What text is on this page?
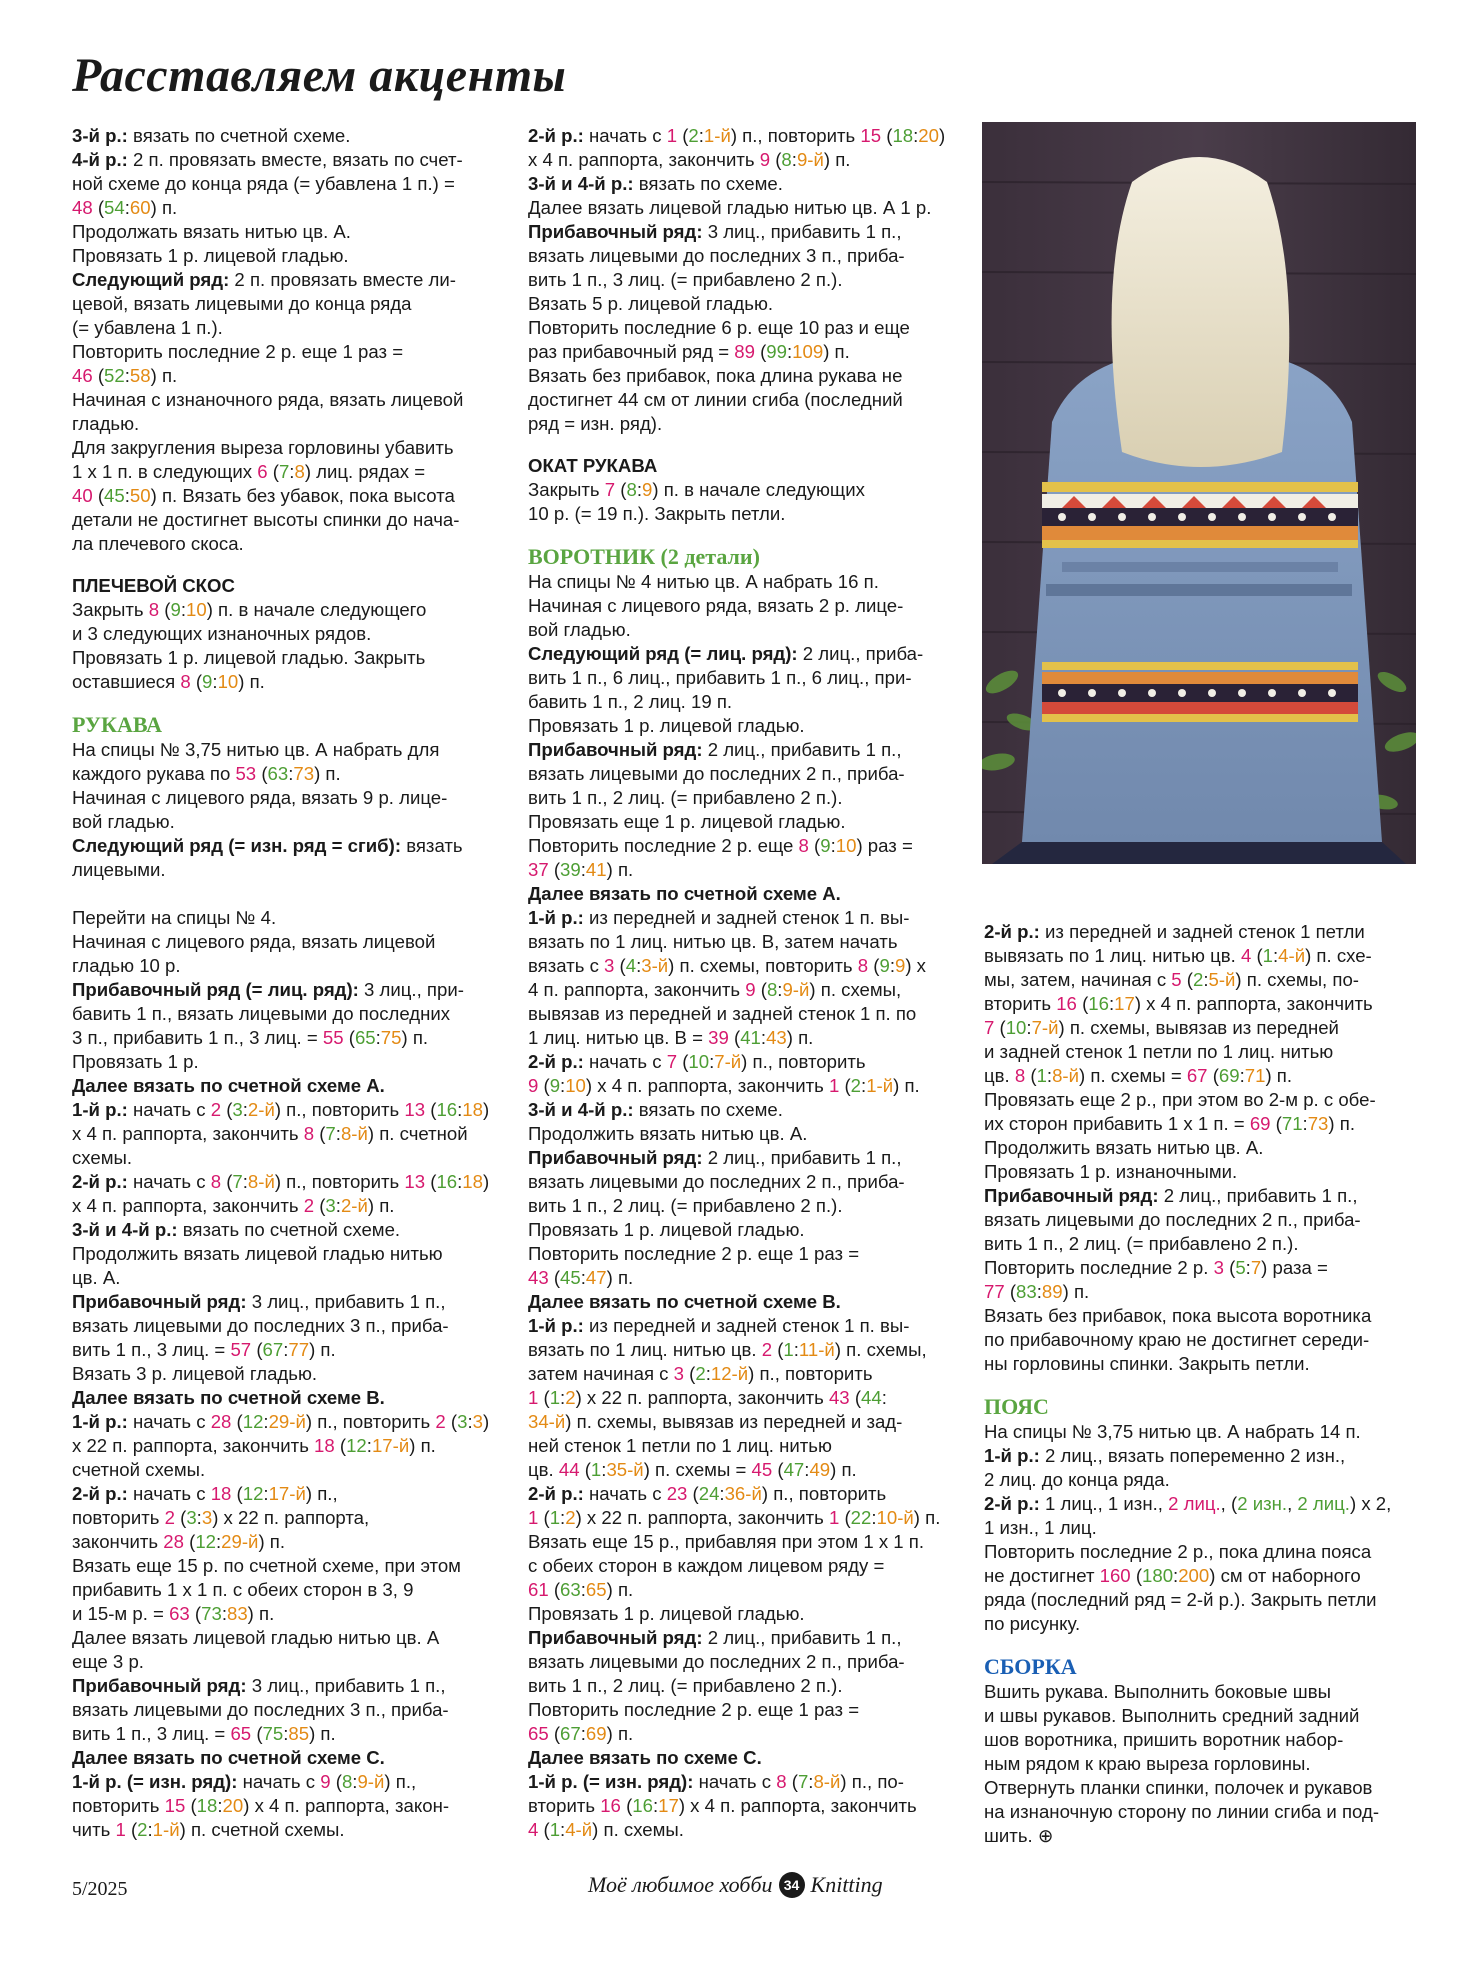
Расставляем акценты

3-й р.: вязать по счетной схеме.

4-й р.: 2 п. провязать вместе, вязать по счет-

ной схеме до конца ряда (= убавлена 1 п.) =

48 (54:60) п.

Продолжать вязать нитью цв. А.

Провязать 1 р. лицевой гладью.

Следующий ряд: 2 п. провязать вместе ли-

цевой, вязать лицевыми до конца ряда

(= убавлена 1 п.).

Повторить последние 2 р. еще 1 раз =

46 (52:58) п.

Начиная с изнаночного ряда, вязать лицевой

гладью.

Для закругления выреза горловины убавить

1 х 1 п. в следующих 6 (7:8) лиц. рядах =

40 (45:50) п. Вязать без убавок, пока высота

детали не достигнет высоты спинки до нача-

ла плечевого скоса.

ПЛЕЧЕВОЙ СКОС

Закрыть 8 (9:10) п. в начале следующего

и 3 следующих изнаночных рядов.

Провязать 1 р. лицевой гладью. Закрыть

оставшиеся 8 (9:10) п.

РУКАВА

На спицы № 3,75 нитью цв. А набрать для

каждого рукава по 53 (63:73) п.

Начиная с лицевого ряда, вязать 9 р. лице-

вой гладью.

Следующий ряд (= изн. ряд = сгиб): вязать

лицевыми.

Перейти на спицы № 4.

Начиная с лицевого ряда, вязать лицевой

гладью 10 р.

Прибавочный ряд (= лиц. ряд): 3 лиц., при-

бавить 1 п., вязать лицевыми до последних

3 п., прибавить 1 п., 3 лиц. = 55 (65:75) п.

Провязать 1 р.

Далее вязать по счетной схеме А.

1-й р.: начать с 2 (3:2-й) п., повторить 13 (16:18)

х 4 п. раппорта, закончить 8 (7:8-й) п. счетной

схемы.

2-й р.: начать с 8 (7:8-й) п., повторить 13 (16:18)

х 4 п. раппорта, закончить 2 (3:2-й) п.

3-й и 4-й р.: вязать по счетной схеме.

Продолжить вязать лицевой гладью нитью

цв. А.

Прибавочный ряд: 3 лиц., прибавить 1 п.,

вязать лицевыми до последних 3 п., приба-

вить 1 п., 3 лиц. = 57 (67:77) п.

Вязать 3 р. лицевой гладью.

Далее вязать по счетной схеме В.

1-й р.: начать с 28 (12:29-й) п., повторить 2 (3:3)

х 22 п. раппорта, закончить 18 (12:17-й) п.

счетной схемы.

2-й р.: начать с 18 (12:17-й) п.,

повторить 2 (3:3) х 22 п. раппорта,

закончить 28 (12:29-й) п.

Вязать еще 15 р. по счетной схеме, при этом

прибавить 1 х 1 п. с обеих сторон в 3, 9

и 15-м р. = 63 (73:83) п.

Далее вязать лицевой гладью нитью цв. А

еще 3 р.

Прибавочный ряд: 3 лиц., прибавить 1 п.,

вязать лицевыми до последних 3 п., приба-

вить 1 п., 3 лиц. = 65 (75:85) п.

Далее вязать по счетной схеме С.

1-й р. (= изн. ряд): начать с 9 (8:9-й) п.,

повторить 15 (18:20) х 4 п. раппорта, закон-

чить 1 (2:1-й) п. счетной схемы.

2-й р.: начать с 1 (2:1-й) п., повторить 15 (18:20)

х 4 п. раппорта, закончить 9 (8:9-й) п.

3-й и 4-й р.: вязать по схеме.

Далее вязать лицевой гладью нитью цв. А 1 р.

Прибавочный ряд: 3 лиц., прибавить 1 п.,

вязать лицевыми до последних 3 п., приба-

вить 1 п., 3 лиц. (= прибавлено 2 п.).

Вязать 5 р. лицевой гладью.

Повторить последние 6 р. еще 10 раз и еще

раз прибавочный ряд = 89 (99:109) п.

Вязать без прибавок, пока длина рукава не

достигнет 44 см от линии сгиба (последний

ряд = изн. ряд).

ОКАТ РУКАВА

Закрыть 7 (8:9) п. в начале следующих

10 р. (= 19 п.). Закрыть петли.

ВОРОТНИК (2 детали)

На спицы № 4 нитью цв. А набрать 16 п.

Начиная с лицевого ряда, вязать 2 р. лице-

вой гладью.

Следующий ряд (= лиц. ряд): 2 лиц., приба-

вить 1 п., 6 лиц., прибавить 1 п., 6 лиц., при-

бавить 1 п., 2 лиц. 19 п.

Провязать 1 р. лицевой гладью.

Прибавочный ряд: 2 лиц., прибавить 1 п.,

вязать лицевыми до последних 2 п., приба-

вить 1 п., 2 лиц. (= прибавлено 2 п.).

Провязать еще 1 р. лицевой гладью.

Повторить последние 2 р. еще 8 (9:10) раз =

37 (39:41) п.

Далее вязать по счетной схеме А.

1-й р.: из передней и задней стенок 1 п. вы-

вязать по 1 лиц. нитью цв. В, затем начать

вязать с 3 (4:3-й) п. схемы, повторить 8 (9:9) х

4 п. раппорта, закончить 9 (8:9-й) п. схемы,

вывязав из передней и задней стенок 1 п. по

1 лиц. нитью цв. В = 39 (41:43) п.

2-й р.: начать с 7 (10:7-й) п., повторить

9 (9:10) х 4 п. раппорта, закончить 1 (2:1-й) п.

3-й и 4-й р.: вязать по схеме.

Продолжить вязать нитью цв. А.

Прибавочный ряд: 2 лиц., прибавить 1 п.,

вязать лицевыми до последних 2 п., приба-

вить 1 п., 2 лиц. (= прибавлено 2 п.).

Провязать 1 р. лицевой гладью.

Повторить последние 2 р. еще 1 раз =

43 (45:47) п.

Далее вязать по счетной схеме В.

1-й р.: из передней и задней стенок 1 п. вы-

вязать по 1 лиц. нитью цв. 2 (1:11-й) п. схемы,

затем начиная с 3 (2:12-й) п., повторить

1 (1:2) х 22 п. раппорта, закончить 43 (44:

34-й) п. схемы, вывязав из передней и зад-

ней стенок 1 петли по 1 лиц. нитью

цв. 44 (1:35-й) п. схемы = 45 (47:49) п.

2-й р.: начать с 23 (24:36-й) п., повторить

1 (1:2) х 22 п. раппорта, закончить 1 (22:10-й) п.

Вязать еще 15 р., прибавляя при этом 1 х 1 п.

с обеих сторон в каждом лицевом ряду =

61 (63:65) п.

Провязать 1 р. лицевой гладью.

Прибавочный ряд: 2 лиц., прибавить 1 п.,

вязать лицевыми до последних 2 п., приба-

вить 1 п., 2 лиц. (= прибавлено 2 п.).

Повторить последние 2 р. еще 1 раз =

65 (67:69) п.

Далее вязать по схеме С.

1-й р. (= изн. ряд): начать с 8 (7:8-й) п., по-

вторить 16 (16:17) х 4 п. раппорта, закончить

4 (1:4-й) п. схемы.

2-й р.: из передней и задней стенок 1 петли

вывязать по 1 лиц. нитью цв. 4 (1:4-й) п. схе-

мы, затем, начиная с 5 (2:5-й) п. схемы, по-

вторить 16 (16:17) х 4 п. раппорта, закончить

7 (10:7-й) п. схемы, вывязав из передней

и задней стенок 1 петли по 1 лиц. нитью

цв. 8 (1:8-й) п. схемы = 67 (69:71) п.

Провязать еще 2 р., при этом во 2-м р. с обе-

их сторон прибавить 1 х 1 п. = 69 (71:73) п.

Продолжить вязать нитью цв. А.

Провязать 1 р. изнаночными.

Прибавочный ряд: 2 лиц., прибавить 1 п.,

вязать лицевыми до последних 2 п., приба-

вить 1 п., 2 лиц. (= прибавлено 2 п.).

Повторить последние 2 р. 3 (5:7) раза =

77 (83:89) п.

Вязать без прибавок, пока высота воротника

по прибавочному краю не достигнет середи-

ны горловины спинки. Закрыть петли.

ПОЯС

На спицы № 3,75 нитью цв. А набрать 14 п.

1-й р.: 2 лиц., вязать попеременно 2 изн.,

2 лиц. до конца ряда.

2-й р.: 1 лиц., 1 изн., 2 лиц., (2 изн., 2 лиц.) х 2,

1 изн., 1 лиц.

Повторить последние 2 р., пока длина пояса

не достигнет 160 (180:200) см от наборного

ряда (последний ряд = 2-й р.). Закрыть петли

по рисунку.

СБОРКА

Вшить рукава. Выполнить боковые швы

и швы рукавов. Выполнить средний задний

шов воротника, пришить воротник набор-

ным рядом к краю выреза горловины.

Отвернуть планки спинки, полочек и рукавов

на изнаночную сторону по линии сгиба и под-

шить. ⊕

5/2025	Моё любимое хобби 34 Knitting
